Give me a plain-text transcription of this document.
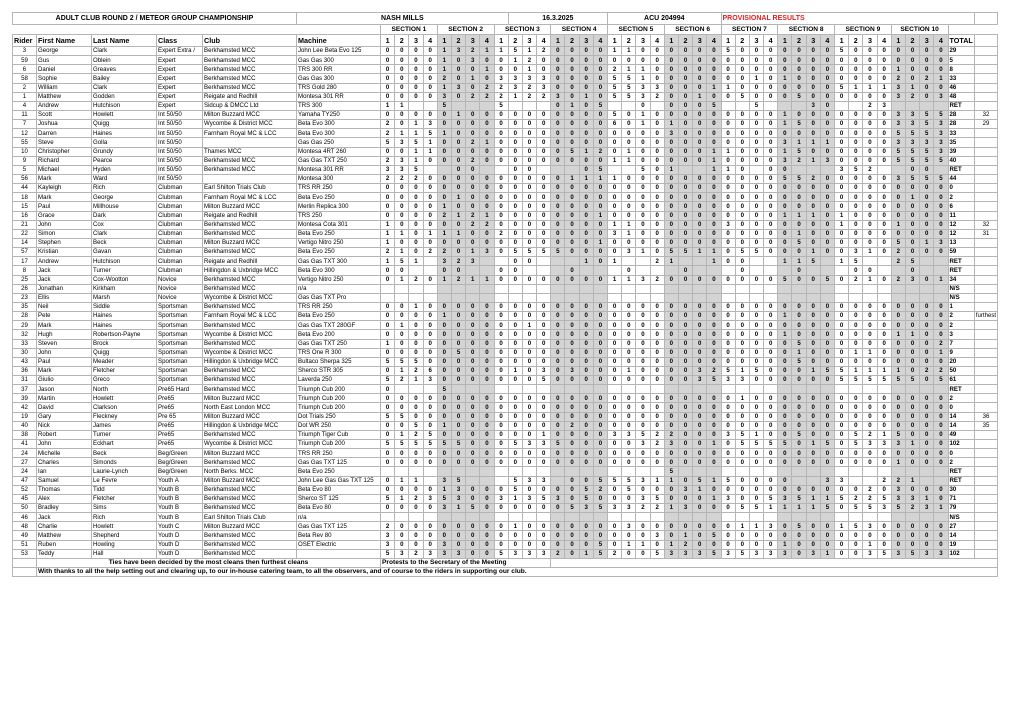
ADULT CLUB ROUND 2 / METEOR GROUP CHAMPIONSHIP					NASH MILLS										16.3.2025							ACU 204994								PROVISIONAL RESULTS																	
						SECTION 1				SECTION 2				SECTION 3				SECTION 4				SECTION 5				SECTION 6				SECTION 7				SECTION 8				SECTION 9				SECTION 10					
Rider	First Name	Last Name	Class	Club	Machine	1	2	3	4	1	2	3	4	1	2	3	4	1	2	3	4	1	2	3	4	1	2	3	4	1	2	3	4	1	2	3	4	1	2	3	4	1	2	3	4	TOTAL	
3	George	Clark	Expert Extra /	Berkhamsted MCC	John Lee Beta Evo 125	0	0	0	0	1	3	2	1	1	5	1	2	0	0	0	0	1	1	0	0	0	0	0	0	5	0	0	0	0	0	0	0	5	0	0	0	0	0	0	0	29	
59	Gus	Oblein	Expert	Berkhamsted MCC	Gas Gas 300	0	0	0	0	1	0	3	0	0	1	2	0	0	0	0	0	0	0	0	0	0	0	0	0	0	0	0	0	0	0	0	0	0	0	0	0	0	0	0	0	5	
6	Daniel	Greaves	Expert	Berkhamsted MCC	TRS 300 RR	0	0	0	0	1	0	0	1	0	0	1	0	0	0	0	0	2	1	1	0	0	0	0	0	0	0	0	0	0	0	0	0	0	0	0	0	1	0	0	0	8	
58	Sophie	Bailey	Expert	Berkhamsted MCC	Gas Gas 300	0	0	0	0	2	0	1	0	3	3	3	3	0	0	0	0	5	5	1	0	0	0	0	0	0	0	1	0	1	0	0	0	0	0	0	0	2	0	2	1	33	
2	William	Clark	Expert	Berkhamsted MCC	TRS Gold 280	0	0	0	0	1	3	0	2	2	3	2	3	0	0	0	0	5	5	3	3	0	0	0	1	1	0	0	0	0	0	0	0	5	1	1	1	3	1	0	0	46	
1	Matthew	Godden	Expert	Reigate and Redhill	Montesa 301 RR	0	0	0	0	3	0	2	2	2	1	2	2	3	0	1	0	5	5	3	2	0	0	1	0	0	5	0	0	0	5	0	0	0	0	0	0	3	2	0	3	48	
4	Andrew	Hutchison	Expert	Sidcup & DMCC Ltd	TRS 300	1	1			5				5				0	1	0	5			0		0	0	0	5			5				3	0			2	3					RET	
11	Scott	Howlett	Int 50/50	Milton Buzzard MCC	Yamaha TY250	0	0	0	0	0	1	0	0	0	0	0	0	0	0	0	0	5	0	1	0	0	0	0	0	0	0	0	0	1	0	0	0	0	0	0	0	3	3	5	5	28	32
7	Joshua	Quigg	Int 50/50	Wycombe & District MCC	Beta Evo 300	2	0	1	3	0	0	0	0	0	0	0	0	0	0	0	0	6	0	1	0	1	0	0	0	0	0	0	0	1	5	0	0	0	0	0	0	3	3	5	3	28	29
12	Darren	Haines	Int 50/50	Farnham Royal MC & LCC	Beta Evo 300	2	1	1	5	1	0	0	0	0	0	0	0	0	0	0	0	0	0	0	0	3	0	0	0	0	0	0	0	0	0	0	0	0	0	0	0	5	5	5	3	33	
55	Steve	Golla	Int 50/50		Gas Gas 250	5	3	5	1	0	0	2	1	0	0	0	0	0	0	0	0	0	0	0	0	0	0	0	0	0	0	0	0	3	1	1	1	0	0	0	0	3	3	3	3	35	
10	Christopher	Grundy	Int 50/50	Thames MCC	Montesa 4RT 260	0	0	1	1	0	0	0	0	0	0	0	0	0	5	1	2	0	1	0	0	0	0	0	1	1	0	0	0	1	5	0	0	0	0	0	0	5	5	5	3	39	
9	Richard	Pearce	Int 50/50	Berkhamsted MCC	Gas Gas TXT 250	2	3	1	0	0	0	2	0	0	0	0	0	0	0	0	0	1	1	0	0	0	0	0	1	0	0	0	0	3	2	1	3	0	0	0	0	5	5	5	5	40	
5	Michael	Hyden	Int 50/50	Berkhamsted MCC	Montesa 301 RR	3	3	5			0	0			0	0				0	5			5	0	1			1	1	0		0	0				3	5	2			0	0		RET	
56	Mark	Ward	Int 50/50		Montesa 300	2	2	2	0	0	0	0	0	0	0	0	0	0	1	1	1	1	0	0	0	0	0	0	0	0	0	0	0	5	5	2	0	0	0	0	0	3	5	5	5	44	
44	Kayleigh	Rich	Clubman	Earl Shilton Trials Club	TRS RR 250	0	0	0	0	0	0	0	0	0	0	0	0	0	0	0	0	0	0	0	0	0	0	0	0	0	0	0	0	0	0	0	0	0	0	0	0	0	0	0	0	0	
18	Mark	George	Clubman	Farnham Royal MC & LCC	Beta Evo 250	0	0	0	0	0	1	0	0	0	0	0	0	0	0	0	0	0	0	0	0	0	0	0	0	0	0	0	0	0	0	0	0	0	0	0	0	0	1	0	0	2	
15	Paul	Millhouse	Clubman	Milton Buzzard MCC	Merlin Replica 300	0	0	0	0	1	0	0	0	0	0	0	0	0	0	0	0	0	0	0	0	0	0	0	0	0	0	0	0	0	0	0	0	0	0	0	0	0	0	0	0	6	
16	Grace	Dark	Clubman	Reigate and Redhill	TRS 250	0	0	0	0	2	1	2	1	0	0	0	0	0	0	0	1	0	0	0	0	0	0	0	0	0	0	0	0	1	1	1	0	1	0	0	0	0	0	0	0	11	
21	John	Cox	Clubman	Berkhamsted MCC	Montesa Cota 301	1	0	0	0	0	0	2	2	0	0	0	0	0	0	0	0	1	1	0	0	0	0	0	0	3	0	0	0	0	0	0	0	1	0	0	0	1	0	0	0	12	32
22	Simon	Clark	Clubman	Berkhamsted MCC	Beta Evo 250	1	1	0	1	1	1	0	0	2	0	0	0	0	0	0	0	3	1	0	0	0	0	0	0	0	0	0	0	0	1	0	0	0	0	0	0	0	0	0	0	12	31
14	Stephen	Beck	Clubman	Milton Buzzard MCC	Vertigo Nitro 250	1	0	0	0	0	0	0	0	0	0	0	0	0	0	0	1	0	0	0	0	0	0	0	0	0	0	0	0	0	5	0	0	0	0	0	0	5	0	1	3	13	
57	Kristian	Gavan	Clubman	Berkhamsted MCC	Beta Evo 250	2	1	0	2	2	0	1	3	0	5	5	5	5	0	0	0	0	3	1	0	5	5	1	1	0	5	5	0	0	0	1	0	0	3	1	0	2	0	0	0	59	
17	Andrew	Hutchison	Clubman	Reigate and Redhill	Gas Gas TXT 300	1	5	1		3	2	3			0	0				1	0	1			2	1			1	0	0			1	1	5		1	5			2	5			RET	
8	Jack	Turner	Clubman	Hillingdon & Uxbridge MCC	Beta Evo 300	0	0			0	0			0	0				0				0				0				0				0				0	0			0			RET	
25	Jack	Cox-Wootton	Novice	Berkhamsted MCC	Vertigo Nitro 250	0	1	2	0	1	2	1	1	0	0	0	0	0	0	0	0	1	1	3	2	0	0	0	0	0	0	0	0	5	0	0	5	0	2	1	0	2	3	0	1	34	
26	Jonathan	Kirkham	Novice	Berkhamsted MCC	n/a																																									N/S	
23	Ellis	Marsh	Novice	Wycombe & District MCC	Gas Gas TXT Pro																																									N/S	
35	Neil	Siddle	Sportsman	Berkhamsted MCC	TRS RR 250	0	0	1	0	0	0	0	0	0	0	0	0	0	0	0	0	0	0	0	0	0	0	0	0	0	0	0	0	0	0	0	0	0	0	0	0	0	0	0	0	1	
28	Pete	Haines	Sportsman	Farnham Royal MC & LCC	Beta Evo 250	0	0	0	0	1	0	0	0	0	0	0	0	0	0	0	0	0	0	0	0	0	0	0	0	0	0	0	0	1	0	0	0	0	0	0	0	0	0	0	0	2	furthest
29	Mark	Haines	Sportsman	Berkhamsted MCC	Gas Gas TXT 280GF	0	1	0	0	0	0	0	0	0	0	1	0	0	0	0	0	0	0	0	0	0	0	0	0	0	0	0	0	0	0	0	0	0	0	0	0	0	0	0	0	2	
32	Hugh	Robertson-Payne	Sportsman	Wycombe & District MCC	Beta Evo 200	0	0	0	0	0	0	0	0	0	0	0	0	0	0	0	0	0	0	0	0	0	0	0	0	0	0	0	0	1	0	0	0	0	0	0	0	1	1	0	0	3	
33	Steven	Brock	Sportsman	Berkhamsted MCC	Gas Gas TXT 250	1	0	0	0	0	0	0	0	0	0	0	0	0	0	0	0	0	0	0	0	0	0	0	0	0	0	0	0	0	5	0	0	0	0	0	0	0	0	0	2	7	
30	John	Quigg	Sportsman	Wycombe & District MCC	TRS One R 300	0	0	0	0	0	5	0	0	0	0	0	0	0	0	0	0	0	0	0	0	0	0	0	0	0	0	0	0	0	1	0	0	0	1	1	0	0	0	0	1	9	
43	Paul	Meader	Sportsman	Hillingdon & Uxbridge MCC	Bultaco Sherpa 325	5	5	5	0	0	0	0	0	0	0	0	0	0	0	0	0	0	0	0	0	0	0	0	0	0	0	0	0	0	5	0	0	0	0	0	0	0	0	0	0	20	
36	Mark	Fletcher	Sportsman	Berkhamsted MCC	Sherco STR 305	0	1	2	6	0	0	0	0	0	1	0	3	0	3	0	0	0	1	0	0	0	0	3	2	5	1	5	0	0	0	1	5	5	1	1	1	1	0	2	2	50	
31	Giulio	Greco	Sportsman	Berkhamsted MCC	Laverda 250	5	2	1	3	0	0	0	0	0	0	0	5	0	0	0	0	0	0	0	0	0	0	3	5	3	3	0	0	0	0	0	0	5	5	5	5	5	5	0	5	61	
37	Jason	North	Pre65 Hard	Berkhamsted MCC	Triumph Cub 200	0				5																																				RET	
39	Martin	Howlett	Pre65	Milton Buzzard MCC	Triumph Cub 200	0	0	0	0	0	0	0	0	0	0	0	0	0	0	0	0	0	0	0	0	0	0	0	0	0	1	0	0	0	0	0	0	0	0	0	0	0	0	0	0	2	
42	David	Clarkson	Pre65	North East London MCC	Triumph Cub 200	0	0	0	0	0	0	0	0	0	0	0	0	0	0	0	0	0	0	0	0	0	0	0	0	0	0	0	0	0	0	0	0	0	0	0	0	0	0	0	0	0	
19	Gary	Fleckney	Pre 65	Milton Buzzard MCC	Dot Trials 250	5	5	0	0	0	0	0	0	0	0	0	0	0	0	0	0	0	0	0	0	0	0	0	0	0	0	0	0	0	0	0	0	0	0	0	0	0	0	0	0	14	36
40	Nick	James	Pre65	Hillingdon & Uxbridge MCC	Dot WR 250	0	0	5	0	1	0	0	0	0	0	0	0	0	2	0	0	0	0	0	0	0	0	0	0	0	0	0	0	0	0	0	0	0	0	0	0	0	0	0	0	14	35
38	Robert	Turner	Pre65	Berkhamsted MCC	Triumph Tiger Cub	0	1	2	5	0	0	0	0	0	0	0	1	0	0	0	0	3	3	5	2	2	0	0	0	3	5	1	0	0	5	0	0	0	5	2	1	5	0	0	0	49	
41	John	Eckhart	Pre65	Wycombe & District MCC	Triumph Cub 200	5	5	5	5	5	5	0	0	0	5	3	3	5	0	0	0	0	0	3	2	3	0	0	1	0	5	5	5	5	0	1	5	0	5	3	3	3	1	0	0	102	
24	Michelle	Beck	Beg/Green	Milton Buzzard MCC	TRS RR 250	0	0	0	0	0	0	0	0	0	0	0	0	0	0	0	0	0	0	0	0	0	0	0	0	0	0	0	0	0	0	0	0	0	0	0	0	0	0	0	0	0	
27	Charles	Simonds	Beg/Green	Berkhamsted MCC	Gas Gas TXT 125	0	0	0	0	0	0	0	0	0	0	0	0	0	0	0	0	0	0	0	0	0	0	0	0	0	0	0	0	0	0	0	0	0	0	0	0	1	0	0	0	2	
24	Ian	Laurie-Lynch	Beg/Green	North Berks. MCC	Beta Evo 250																					5																				RET	
47	Samuel	Le Fevre	Youth A	Milton Buzzard MCC	John Lee Gas Gas TXT 125	0	1	1		3	5				5	3	3		0	0	5	5	5	3	1	1	0	5	1	5	0	0	0	0			3	3			2	2	1			RET	
52	Thomas	Tidd	Youth B	Berkhamsted MCC	Beta Evo 80	0	0	0	0	1	3	0	0	0	5	0	0	0	0	5	2	0	5	0	0	0	3	1	0	0	0	0	0	0	0	0	0	0	0	2	0	3	0	0	0	30	
45	Alex	Fletcher	Youth B	Berkhamsted MCC	Sherco ST 125	5	1	2	3	5	3	0	0	3	1	3	5	3	0	5	0	0	0	3	5	0	0	0	1	3	0	0	5	3	5	1	1	5	2	2	5	3	3	1	0	71	
50	Bradley	Sims	Youth B	Berkhamsted MCC	Beta Evo 80	0	0	0	0	3	1	5	0	0	0	0	0	0	5	3	5	3	3	2	2	1	3	0	0	0	5	5	1	1	1	1	5	0	5	5	3	5	2	3	1	79	
46	Jack	Rich	Youth B	Earl Shilton Trials Club	n/a																																									N/S	
48	Charlie	Howlett	Youth C	Milton Buzzard MCC	Gas Gas TXT 125	2	0	0	0	0	0	0	0	0	1	0	0	0	0	0	0	0	3	0	0	0	0	0	0	0	1	1	3	0	5	0	0	1	5	3	0	0	0	0	0	27	
49	Matthew	Shepherd	Youth D	Berkhamsted MCC	Beta Rev 80	3	0	0	0	0	0	0	0	0	0	0	0	0	0	0	0	0	0	0	3	0	1	0	5	0	0	0	0	0	0	0	0	0	0	0	0	0	0	0	0	14	
51	Ruben	Howling	Youth D	Berkhamsted MCC	OSET Electric	3	0	0	0	3	0	0	0	0	0	0	0	0	0	0	5	0	1	1	0	1	2	0	0	0	0	0	0	1	0	0	0	0	0	1	0	0	0	0	0	19	
53	Teddy	Hall	Youth D	Berkhamsted MCC		5	3	2	3	3	3	0	0	5	3	3	3	2	0	1	5	2	0	0	5	3	3	3	5	3	5	3	3	3	0	3	1	0	0	3	5	3	5	3	3	102	
	Ties have been decided by the most cleans then furthest cleans					Protests to the Secretary of the Meeting																																									
	With thanks to all the help setting out and clearing up, to our in-house catering team, to all the observers, and of course to the riders in supporting our club.																																														
